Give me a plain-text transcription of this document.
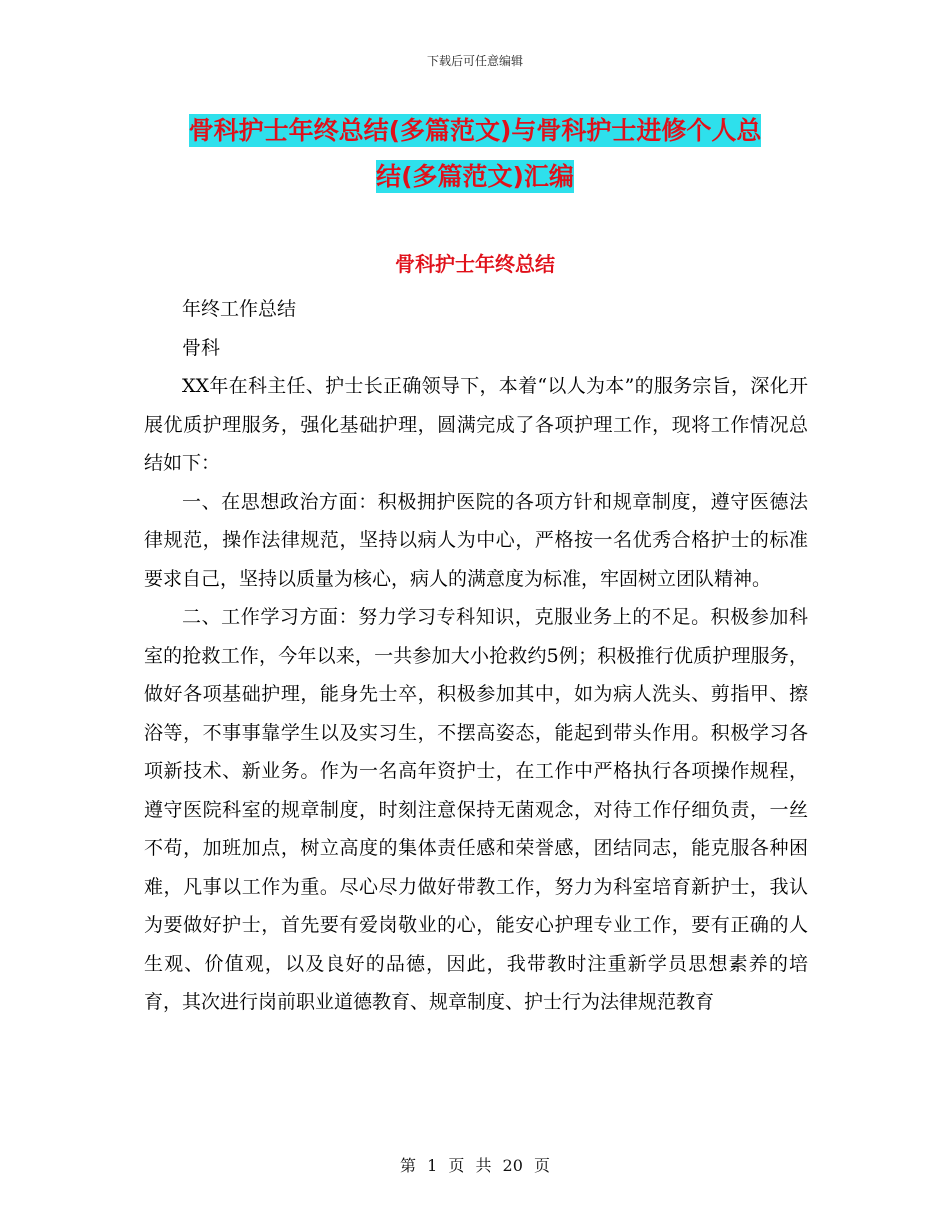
下载后可任意编辑
骨科护士年终总结(多篇范文)与骨科护士进修个人总
结(多篇范文)汇编
骨科护士年终总结

年终工作总结

骨科

XX年在科主任、护士长正确领导下，本着“以人为本”的服务宗旨，深化开展优质护理服务，强化基础护理，圆满完成了各项护理工作，现将工作情况总结如下：

一、在思想政治方面：积极拥护医院的各项方针和规章制度，遵守医德法律规范，操作法律规范，坚持以病人为中心，严格按一名优秀合格护士的标准要求自己，坚持以质量为核心，病人的满意度为标准，牢固树立团队精神。

二、工作学习方面：努力学习专科知识，克服业务上的不足。积极参加科室的抢救工作，今年以来，一共参加大小抢救约5例；积极推行优质护理服务，做好各项基础护理，能身先士卒，积极参加其中，如为病人洗头、剪指甲、擦浴等，不事事靠学生以及实习生，不摆高姿态，能起到带头作用。积极学习各项新技术、新业务。作为一名高年资护士，在工作中严格执行各项操作规程，遵守医院科室的规章制度，时刻注意保持无菌观念，对待工作仔细负责，一丝不苟，加班加点，树立高度的集体责任感和荣誉感，团结同志，能克服各种困难，凡事以工作为重。尽心尽力做好带教工作，努力为科室培育新护士，我认为要做好护士，首先要有爱岗敬业的心，能安心护理专业工作，要有正确的人生观、价值观，以及良好的品德，因此，我带教时注重新学员思想素养的培育，其次进行岗前职业道德教育、规章制度、护士行为法律规范教育

第 1 页 共 20 页
